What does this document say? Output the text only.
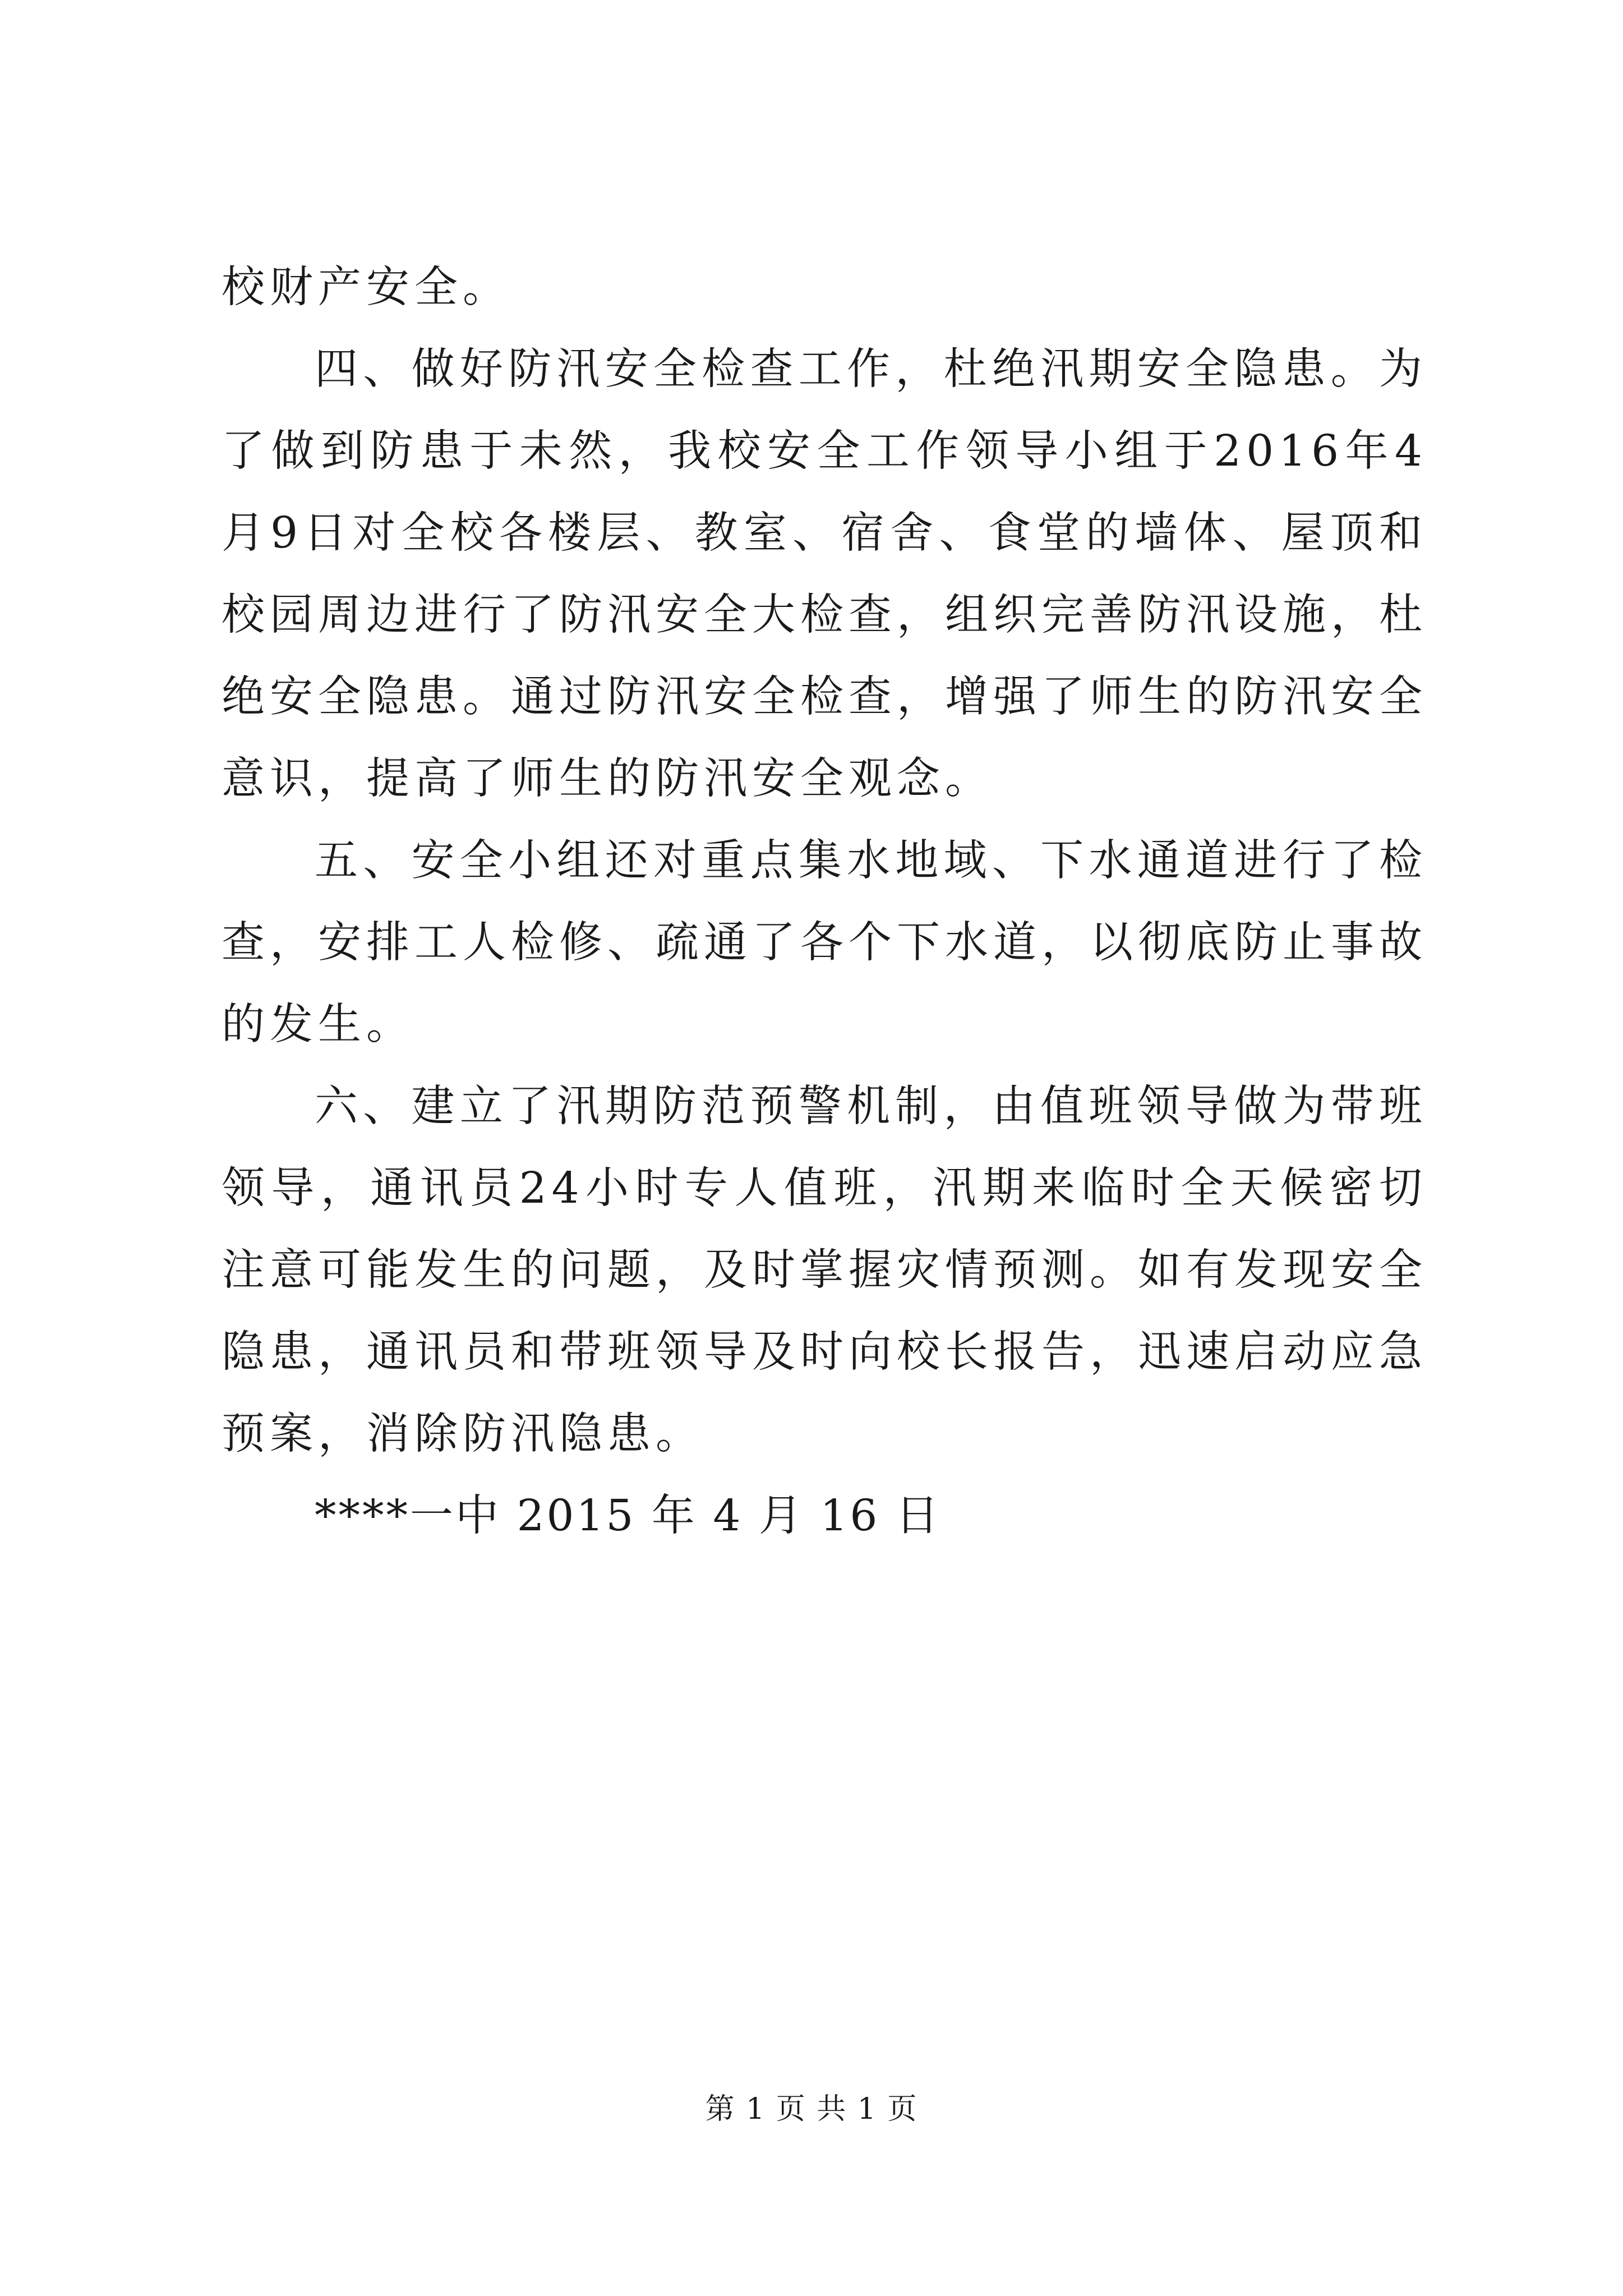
校财产安全。

四、做好防汛安全检查工作，杜绝汛期安全隐患。为了做到防患于未然，我校安全工作领导小组于2016年4月9日对全校各楼层、教室、宿舍、食堂的墙体、屋顶和校园周边进行了防汛安全大检查，组织完善防汛设施，杜绝安全隐患。通过防汛安全检查，增强了师生的防汛安全意识，提高了师生的防汛安全观念。

五、安全小组还对重点集水地域、下水通道进行了检查，安排工人检修、疏通了各个下水道，以彻底防止事故的发生。

六、建立了汛期防范预警机制，由值班领导做为带班领导，通讯员24小时专人值班，汛期来临时全天候密切注意可能发生的问题，及时掌握灾情预测。如有发现安全隐患，通讯员和带班领导及时向校长报告，迅速启动应急预案，消除防汛隐患。

****一中 2015 年 4 月 16 日

第 1 页 共 1 页
